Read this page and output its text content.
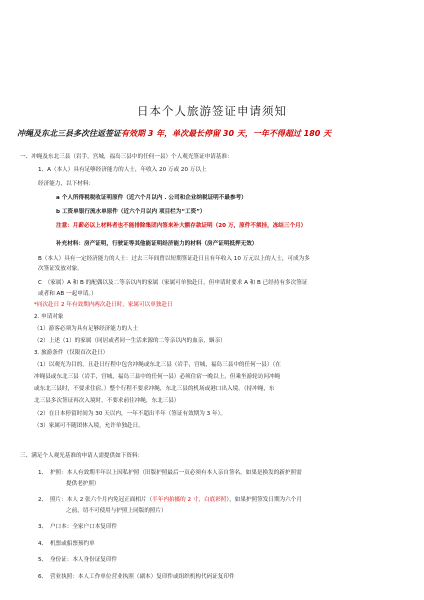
日本个人旅游签证申请须知
冲绳及东北三县多次往返签证有效期 3 年，单次最长停留 30 天，一年不得超过 180 天
一、冲绳及东北三县（岩手，宫城，福岛三县中的任何一县）个人观光签证申请基准：
1、A（本人）具有足够经济能力的人士，年收入 20 万或 20 万以上
经济能力，以下材料：
a 个人所得税税收证明原件（近六个月以内 . 公司和企业纳税证明不最参考）
b 工资单银行流水单原件（近六个月以内 项目栏为“工资”）
注意：月薪必以上材料者也不能排除集团内签来补大额存款证明（20 万，原件不须挂，冻结三个月）
补充材料：房产证明，行驶证等其他能证明经济能力的材料（房产证明抵押无效）
B（本人）具有一定经济能力的人士：过去三年间曾以短期签证赴日且有年收入 10 万元以上的人士，可成为多
次签证发放对象。
C　（家属）A 和 B 的配偶以及二等亲以内的家属（家属可单独赴日，但申请时要求 A 和 B 已经持有多次签证
或者和 AB 一起申请。）
*同次赴日 2 年有效期内两次赴日时，家属可以单独赴日
2. 申请对象
（1）游客必须为具有足够经济能力的人士
（2）上述（1）的家属（同居或者同一生活来源的二等亲以内的血亲，姻亲）
3. 旅游条件（仅限首次赴日）
（1）以观光为目的，且赴日行程中包含冲绳或东北三县（岩手，宫城，福岛三县中的任何一县）（在
冲绳县或东北三县（岩手，宫城，福岛三县中的任何一县）必须住宿一晚以上，但乘坐游轮访问冲绳
或东北三县时，不要求住宿。）整个行程不要求冲绳，东北三县的机场或港口出入境。（持冲绳，东
北三县多次签证再次入境时，不要求前往冲绳，东北三县）
（2）在日本停留时间为 30 天以内，一年不超出半年（签证有效期为 3 年）。
（3）家属可不随团体入境，允许单独赴日。
三、满足个人观光基准的申请人需提供如下资料：
1、　护照：本人有效期半年以上因私护照（旧版护照最后一页必须有本人亲自签名，如果是换发的新护照需
提供老护照）
2、　照片：本人 2 张六个月内免冠正面相片（半年内拍摄的 2 寸，白底彩照），如果护照签发日期为六个月
之前，切不可使用与护照上同版的照片）
3、　户口本：全家户口本复印件
4、　机票或船票预约单
5、　身份证：本人身份证复印件
6、　营业执照：本人工作单位营业执照（副本）复印件或组织机构代码证复印件
